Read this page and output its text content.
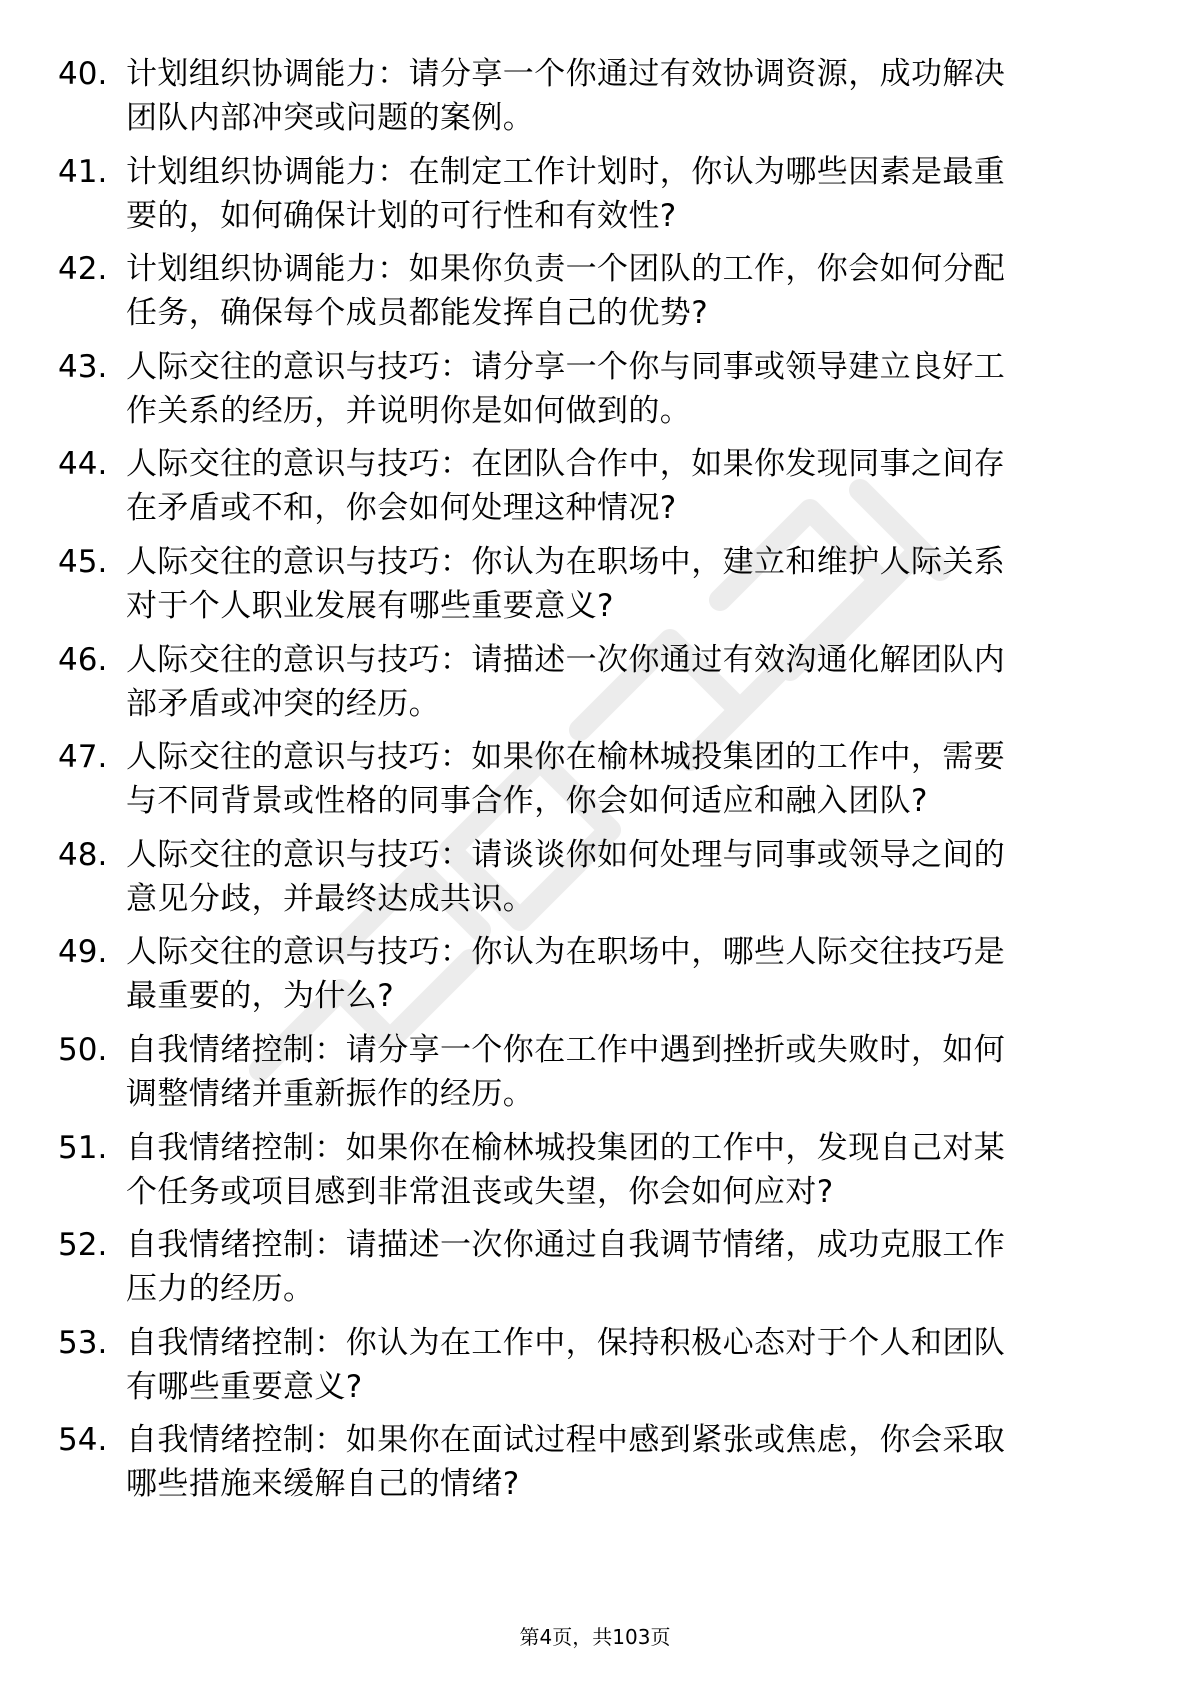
40. 计划组织协调能力：请分享一个你通过有效协调资源，成功解决
团队内部冲突或问题的案例。

41. 计划组织协调能力：在制定工作计划时，你认为哪些因素是最重
要的，如何确保计划的可行性和有效性?

42. 计划组织协调能力：如果你负责一个团队的工作，你会如何分配
任务，确保每个成员都能发挥自己的优势?

43. 人际交往的意识与技巧：请分享一个你与同事或领导建立良好工
作关系的经历，并说明你是如何做到的。

44. 人际交往的意识与技巧：在团队合作中，如果你发现同事之间存
在矛盾或不和，你会如何处理这种情况?

45. 人际交往的意识与技巧：你认为在职场中，建立和维护人际关系
对于个人职业发展有哪些重要意义?

46. 人际交往的意识与技巧：请描述一次你通过有效沟通化解团队内
部矛盾或冲突的经历。

47. 人际交往的意识与技巧：如果你在榆林城投集团的工作中，需要
与不同背景或性格的同事合作，你会如何适应和融入团队?

48. 人际交往的意识与技巧：请谈谈你如何处理与同事或领导之间的
意见分歧，并最终达成共识。

49. 人际交往的意识与技巧：你认为在职场中，哪些人际交往技巧是
最重要的，为什么?

50. 自我情绪控制：请分享一个你在工作中遇到挫折或失败时，如何
调整情绪并重新振作的经历。

51. 自我情绪控制：如果你在榆林城投集团的工作中，发现自己对某
个任务或项目感到非常沮丧或失望，你会如何应对?

52. 自我情绪控制：请描述一次你通过自我调节情绪，成功克服工作
压力的经历。

53. 自我情绪控制：你认为在工作中，保持积极心态对于个人和团队
有哪些重要意义?

54. 自我情绪控制：如果你在面试过程中感到紧张或焦虑，你会采取
哪些措施来缓解自己的情绪?

第4页，共103页
